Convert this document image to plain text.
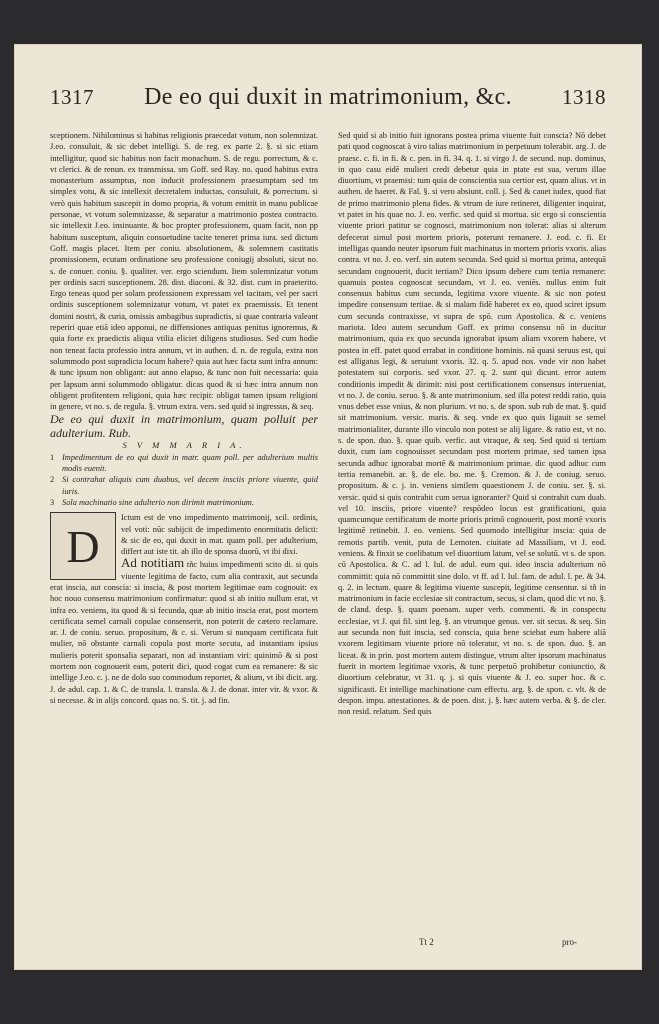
1317 De eo qui duxit in matrimonium, &c. 1318

sceptionem. Nihilominus si habitus religionis praecedat votum, non solemnizat. J.eo. consuluit, & sic debet intelligi. S. de reg. ex parte 2. §. si sic etiam intelligitur, quod sic habitus non facit monachum. S. de regu. porrectum, & c. vt clerici. & de renun. ex transmissa. sm Goff. sed Ray. no. quod habitus extra monasterium assumptus, non inducit professionem praesumptam sed tm simplex votu, & sic intellexit decretalem inductas, consuluit, & porrectum. si verò quis habitum suscepit in domo propria, & votum emittit in manu publicae personae, vt votum solemnizasse, & separatur a matrimonio postea contracto. sic intellexit J.eo. insinuante. & hoc propter professionem, quam facit, non pp habitum susceptum, aliquin consuetudine tacite teneret prima iura. sed dictum Goff. magis placet. Item per coniu. absolutionem, & solemnem castitatis promissionem, ecutam ordinatione seu professione coniugij absoluti, sicut no. s. de conuer. coniu. §. qualiter. ver. ergo sciendum. Item solemnizatur votum per ordinis sacri susceptionem. 28. dist. diaconi. & 32. dist. cum in praeterito. Ergo teneas quod per solam professionem expressam vel tacitam, vel per sacri ordinis susceptionem solemnizatur votum, vt patet ex praemissis. Et tenent domini nostri, & curia, omissis ambagibus supradictis, si quae contraria valeant reperiri quae etiā ideo apponui, ne diffensiones antiquas penitus ignoremus, & quia forte ex praedictis aliqua vtilia eliciet diligens studiosus. Sed cum hodie non teneat facta professio intra annum, vt in authen. d. n. de regula, extra non solummodo post supradicta locum habere? quia aut hæc facta sunt infra annum: & tunc ipsum non obligant: aut anno elapso, & tunc non fuit necessaria: quia per lapsum anni solummodo obligatur. dicas quod & si hæc intra annum non obligent profitentem religioni, quia hæc recipit: obligat tamen ipsum religioni in genere, vt no. s. de regula. §. vtrum extra. vers. sed quid si ingressus, & seq.

De eo qui duxit in matrimonium, quam polluit per adulterium. Rub.

S V M M A R I A.

1 Impedimentum de eo qui duxit in matr. quam poll. per adulterium multis modis euenit.

2 Si contrahat aliquis cum duabus, vel decem insciis priore viuente, quid iuris.

3 Sola machinatio sine adulterio non dirimit matrimonium.

D

Ictum est de vno impedimento matrimonij, scil. ordinis, vel voti: nūc subijcit de impedimento enormitatis delicti: & sic de eo, qui duxit in mat. quam poll. per adulterium, differt aut iste tit. ab illo de sponsa duorū, vt ibi dixi.

Ad notitiam tñc huius impedimenti scito di. si quis viuente legitima de facto, cum alia contraxit, aut secunda erat inscia, aut conscia: si inscia, & post mortem legitimae eam cognouit: ex hoc nouo consensu matrimonium confirmatur: quod si ab initio nullum erat, vt infra eo. veniens, ita quod & si fecunda, quæ ab initio inscia erat, post mortem certificata semel carnali copulae consenserit, non poterit de cætero reclamare. ar. J. de coniu. seruo. propositum, & c. si. Verum si nunquam certificata fuit mulier, nō obstante carnali copula post morte secuta, ad instantiam ipsius mulieris poterit sponsalia separari, non ad instantiam viri: quinimō & si post mortem non cognouerit eam, poterit dici, quod cogat cum ea remanere: & sic intellige J.eo. c. j. ne de dolo suo commodum reportet, & alium, vt ibi dicit. arg. J. de adul. cap. 1. & C. de transla. l. transla. & J. de donat. inter vir. & vxor. & si necesse. & in alijs concord. quas no. S. tit. j. ad fin.

Sed quid si ab initio fuit ignorans postea prima viuente fuit conscia? Nō debet pati quod cognoscat à viro talias matrimonium in perpetuum tolerabit. arg. J. de praesc. c. fi. in fi. & c. pen. in fi. 34. q. 1. si virgo J. de secund. nup. dominus, in quo casu eidē mulieri credi debetur quia in ptate est sua, verum illae diuortium, vt praemisi: tum quia de conscientia sua certior est, quam alius. vt in authen. de haeret. & Fal. §. si vero absiunt. coll. j. Sed & cauet iudex, quod fiat de primo matrimonio plena fides. & vtrum de iure retineret, diligenter inquirat, vt patet in his quae no. J. eo. verfic. sed quid si mortua. sic ergo si conscientia viuente priori patitur se cognosci, matrimonium non tolerat: alias si alterum defecerat simul post mortem prioris, poterunt remanere. J. eod. c. fi. Et intelligas quando neuter ipsorum fuit machinatus in mortem prioris vxoris. alias contra. vt no. J. eo. verf. sin autem secunda. Sed quid si mortua prima, antequā secundam cognouerit, ducit tertiam? Dico ipsum debere cum tertia remanere: quamuis postea cognoscat secundam, vt J. eo. veniēs. nullus enim fuit consensus habitus cum secunda, legitima vxore viuente. & sic non potest impedire consensum tertiae. & si malam fidē haberet ex eo, quod sciret ipsum cum secunda contraxisse, vt supra de spō. cum Apostolica. & c. veniens mariota. Ideo autem secundum Goff. ex primo consensu nō in ducitur matrimonium, quia ex quo secunda ignorabat ipsum aliam vxorem habere, vt postea in eff. patet quod errabat in conditione hominis. nā quasi seruus est, qui est alligatus legi, & seruiunt vxoris. 32. q. 5. apud nos. vnde vir non habet potestatem sui corporis. sed vxor. 27. q. 2. sunt qui dicunt. error autem conditionis impedit & dirimit: nisi post certificationem consensus interueniat, vt no. J. de coniu. seruo. §. & ante matrimonium. sed illa potest reddi ratio, quia vnus debet esse vnius, & non plurium. vt no. s. de spon. sub rub de mat. §. quid sit matrimonium. versic. maris. & seq. vnde ex quo quis ligauit se semel matrimonialiter, durante illo vinculo non potest se alij ligare. & ratio est, vt no. s. de spon. duo. §. quae quib. verfic. aut vtraque, & seq. Sed quid si tertiam duxit, cum iam cognouisset secundam post mortem primae, sed tamen ipsa secunda adhuc ignorabat mortē & matrimonium primae. dic quod adhuc cum tertia remanebit. ar. §. de ele. bo. me. §. Cremon. & J. de coniug. seruo. propositum. & c. j. in. veniens similem quaestionem J. de coniu. ser. §. si. versic. quid si quis contrahit cum serua ignoranter? Quid si contrahit cum duab. vel 10. insciis, priore viuente? respōdeo locus est gratificationi, quia quamcumque certificatum de morte prioris primō cognouerit, post mortē vxoris legitimē retinebit. J. eo. veniens. Sed quomodo intelligitur inscia: quia de remotis partib. venit, puta de Lemoten. ciuitate ad Massiliam, vt J. eod. veniens. & finxit se coelibatum vel diuortium latum, vel se solutū. vt s. de spon. cū Apostolica. & C. ad l. Iul. de adul. eum qui. ideo inscia adulterium nō committit: quia nō committit sine dolo. vt ff. ad l. Iul. fam. de adul. l. pe. & 34. q. 2. in lectum. quare & legitima viuente suscepit, legitime censentur. si tñ in matrimonium in facie ecclesiae sit contractum, secus, si clam, quod dic vt no. §. de cland. desp. §. quam poenam. super verb. commenti. & in conspectu ecclesiae, vt J. qui fil. sint leg. §. an vtrumque genus. ver. sit secus. & seq. Sin aut secunda non fuit inscia, sed conscia, quia bene sciebat eum habere aliā vxorem legitimam viuente priore nō toleratur, vt no. s. de spon. duo. §. an liceat. & in prin. post mortem autem distingue, vtrum alter ipsorum machinatus fuerit in mortem legitimae vxoris, & tunc perpetuō prohibetur coniunctio, & diuortium celebratur, vt 31. q. j. si quis viuente & J. eo. super hoc. & c. significasti. Et intellige machinatione cum effectu. arg. §. de spon. c. vlt. & de despon. impu. attestationes. & de poen. dist. j. §. hæc autem verba. & §. de cler. non resid. relatum. Sed quis

Tt 2	pro-
